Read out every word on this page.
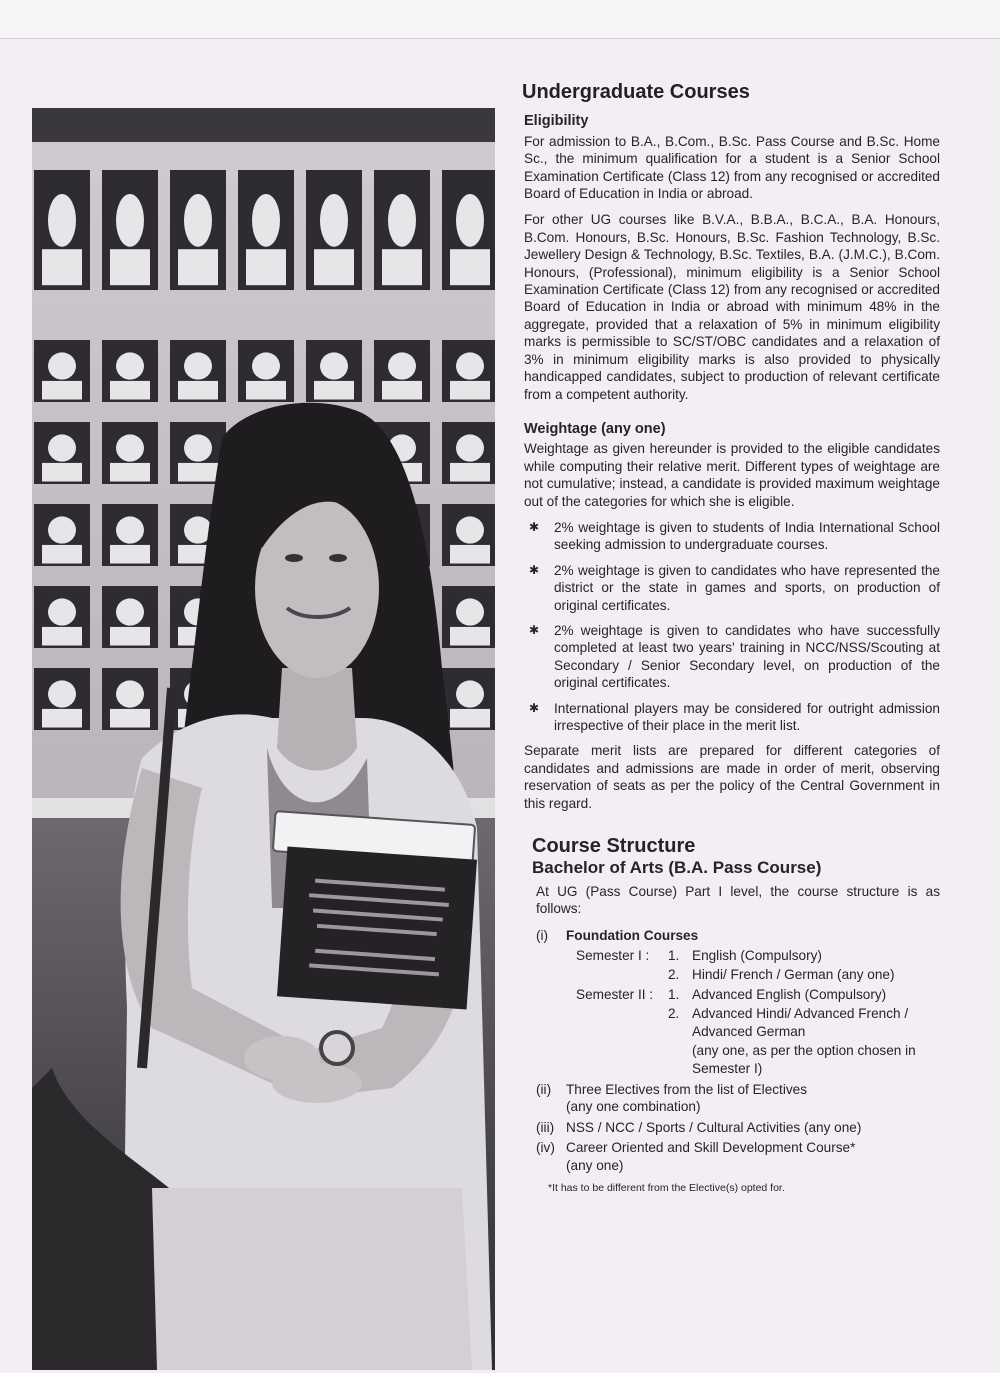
Undergraduate Courses
Eligibility

For admission to B.A., B.Com., B.Sc. Pass Course and B.Sc. Home Sc., the minimum qualification for a student is a Senior School Examination Certificate (Class 12) from any recognised or accredited Board of Education in India or abroad.

For other UG courses like B.V.A., B.B.A., B.C.A., B.A. Honours, B.Com. Honours, B.Sc. Honours, B.Sc. Fashion Technology, B.Sc. Jewellery Design & Technology, B.Sc. Textiles, B.A. (J.M.C.), B.Com. Honours, (Professional), minimum eligibility is a Senior School Examination Certificate (Class 12) from any recognised or accredited Board of Education in India or abroad with minimum 48% in the aggregate, provided that a relaxation of 5% in minimum eligibility marks is permissible to SC/ST/OBC candidates and a relaxation of 3% in minimum eligibility marks is also provided to physically handicapped candidates, subject to production of relevant certificate from a competent authority.

Weightage (any one)

Weightage as given hereunder is provided to the eligible candidates while computing their relative merit. Different types of weightage are not cumulative; instead, a candidate is provided maximum weightage out of the categories for which she is eligible.

✱ 2% weightage is given to students of India International School seeking admission to undergraduate courses.
✱ 2% weightage is given to candidates who have represented the district or the state in games and sports, on production of original certificates.
✱ 2% weightage is given to candidates who have successfully completed at least two years' training in NCC/NSS/Scouting at Secondary / Senior Secondary level, on production of the original certificates.
✱ International players may be considered for outright admission irrespective of their place in the merit list.

Separate merit lists are prepared for different categories of candidates and admissions are made in order of merit, observing reservation of seats as per the policy of the Central Government in this regard.

Course Structure
Bachelor of Arts (B.A. Pass Course)

At UG (Pass Course) Part I level, the course structure is as follows:

(i) Foundation Courses
Semester I :	1. English (Compulsory)
2. Hindi/ French / German (any one)
Semester II :	1. Advanced English (Compulsory)
2. Advanced Hindi/ Advanced French / Advanced German
(any one, as per the option chosen in Semester I)
(ii) Three Electives from the list of Electives
(any one combination)
(iii) NSS / NCC / Sports / Cultural Activities (any one)
(iv) Career Oriented and Skill Development Course*
(any one)
*It has to be different from the Elective(s) opted for.
